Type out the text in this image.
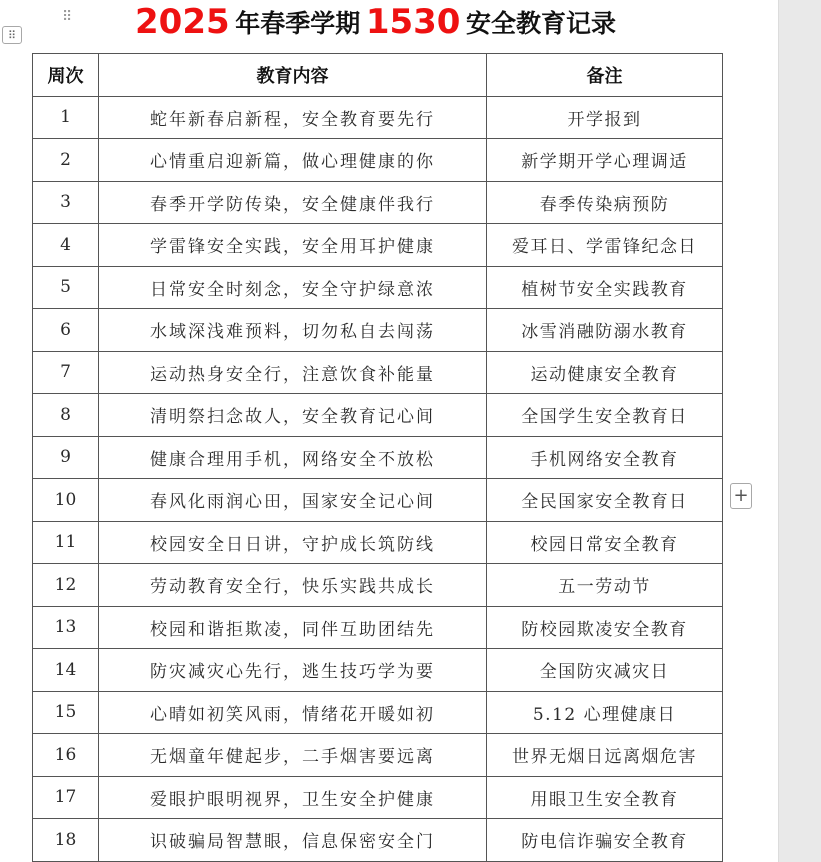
⠿
⠿	2025 年春季学期 1530 安全教育记录
周次	教育内容	备注
1	蛇年新春启新程，安全教育要先行	开学报到
2	心情重启迎新篇，做心理健康的你	新学期开学心理调适
3	春季开学防传染，安全健康伴我行	春季传染病预防
4	学雷锋安全实践，安全用耳护健康	爱耳日、学雷锋纪念日
5	日常安全时刻念，安全守护绿意浓	植树节安全实践教育
6	水域深浅难预料，切勿私自去闯荡	冰雪消融防溺水教育
7	运动热身安全行，注意饮食补能量	运动健康安全教育
8	清明祭扫念故人，安全教育记心间	全国学生安全教育日
9	健康合理用手机，网络安全不放松	手机网络安全教育
10	春风化雨润心田，国家安全记心间	全民国家安全教育日
11	校园安全日日讲，守护成长筑防线	校园日常安全教育
12	劳动教育安全行，快乐实践共成长	五一劳动节
13	校园和谐拒欺凌，同伴互助团结先	防校园欺凌安全教育
14	防灾减灾心先行，逃生技巧学为要	全国防灾减灾日
15	心晴如初笑风雨，情绪花开暖如初	5.12 心理健康日
16	无烟童年健起步，二手烟害要远离	世界无烟日远离烟危害
17	爱眼护眼明视界，卫生安全护健康	用眼卫生安全教育
18	识破骗局智慧眼，信息保密安全门	防电信诈骗安全教育
+
